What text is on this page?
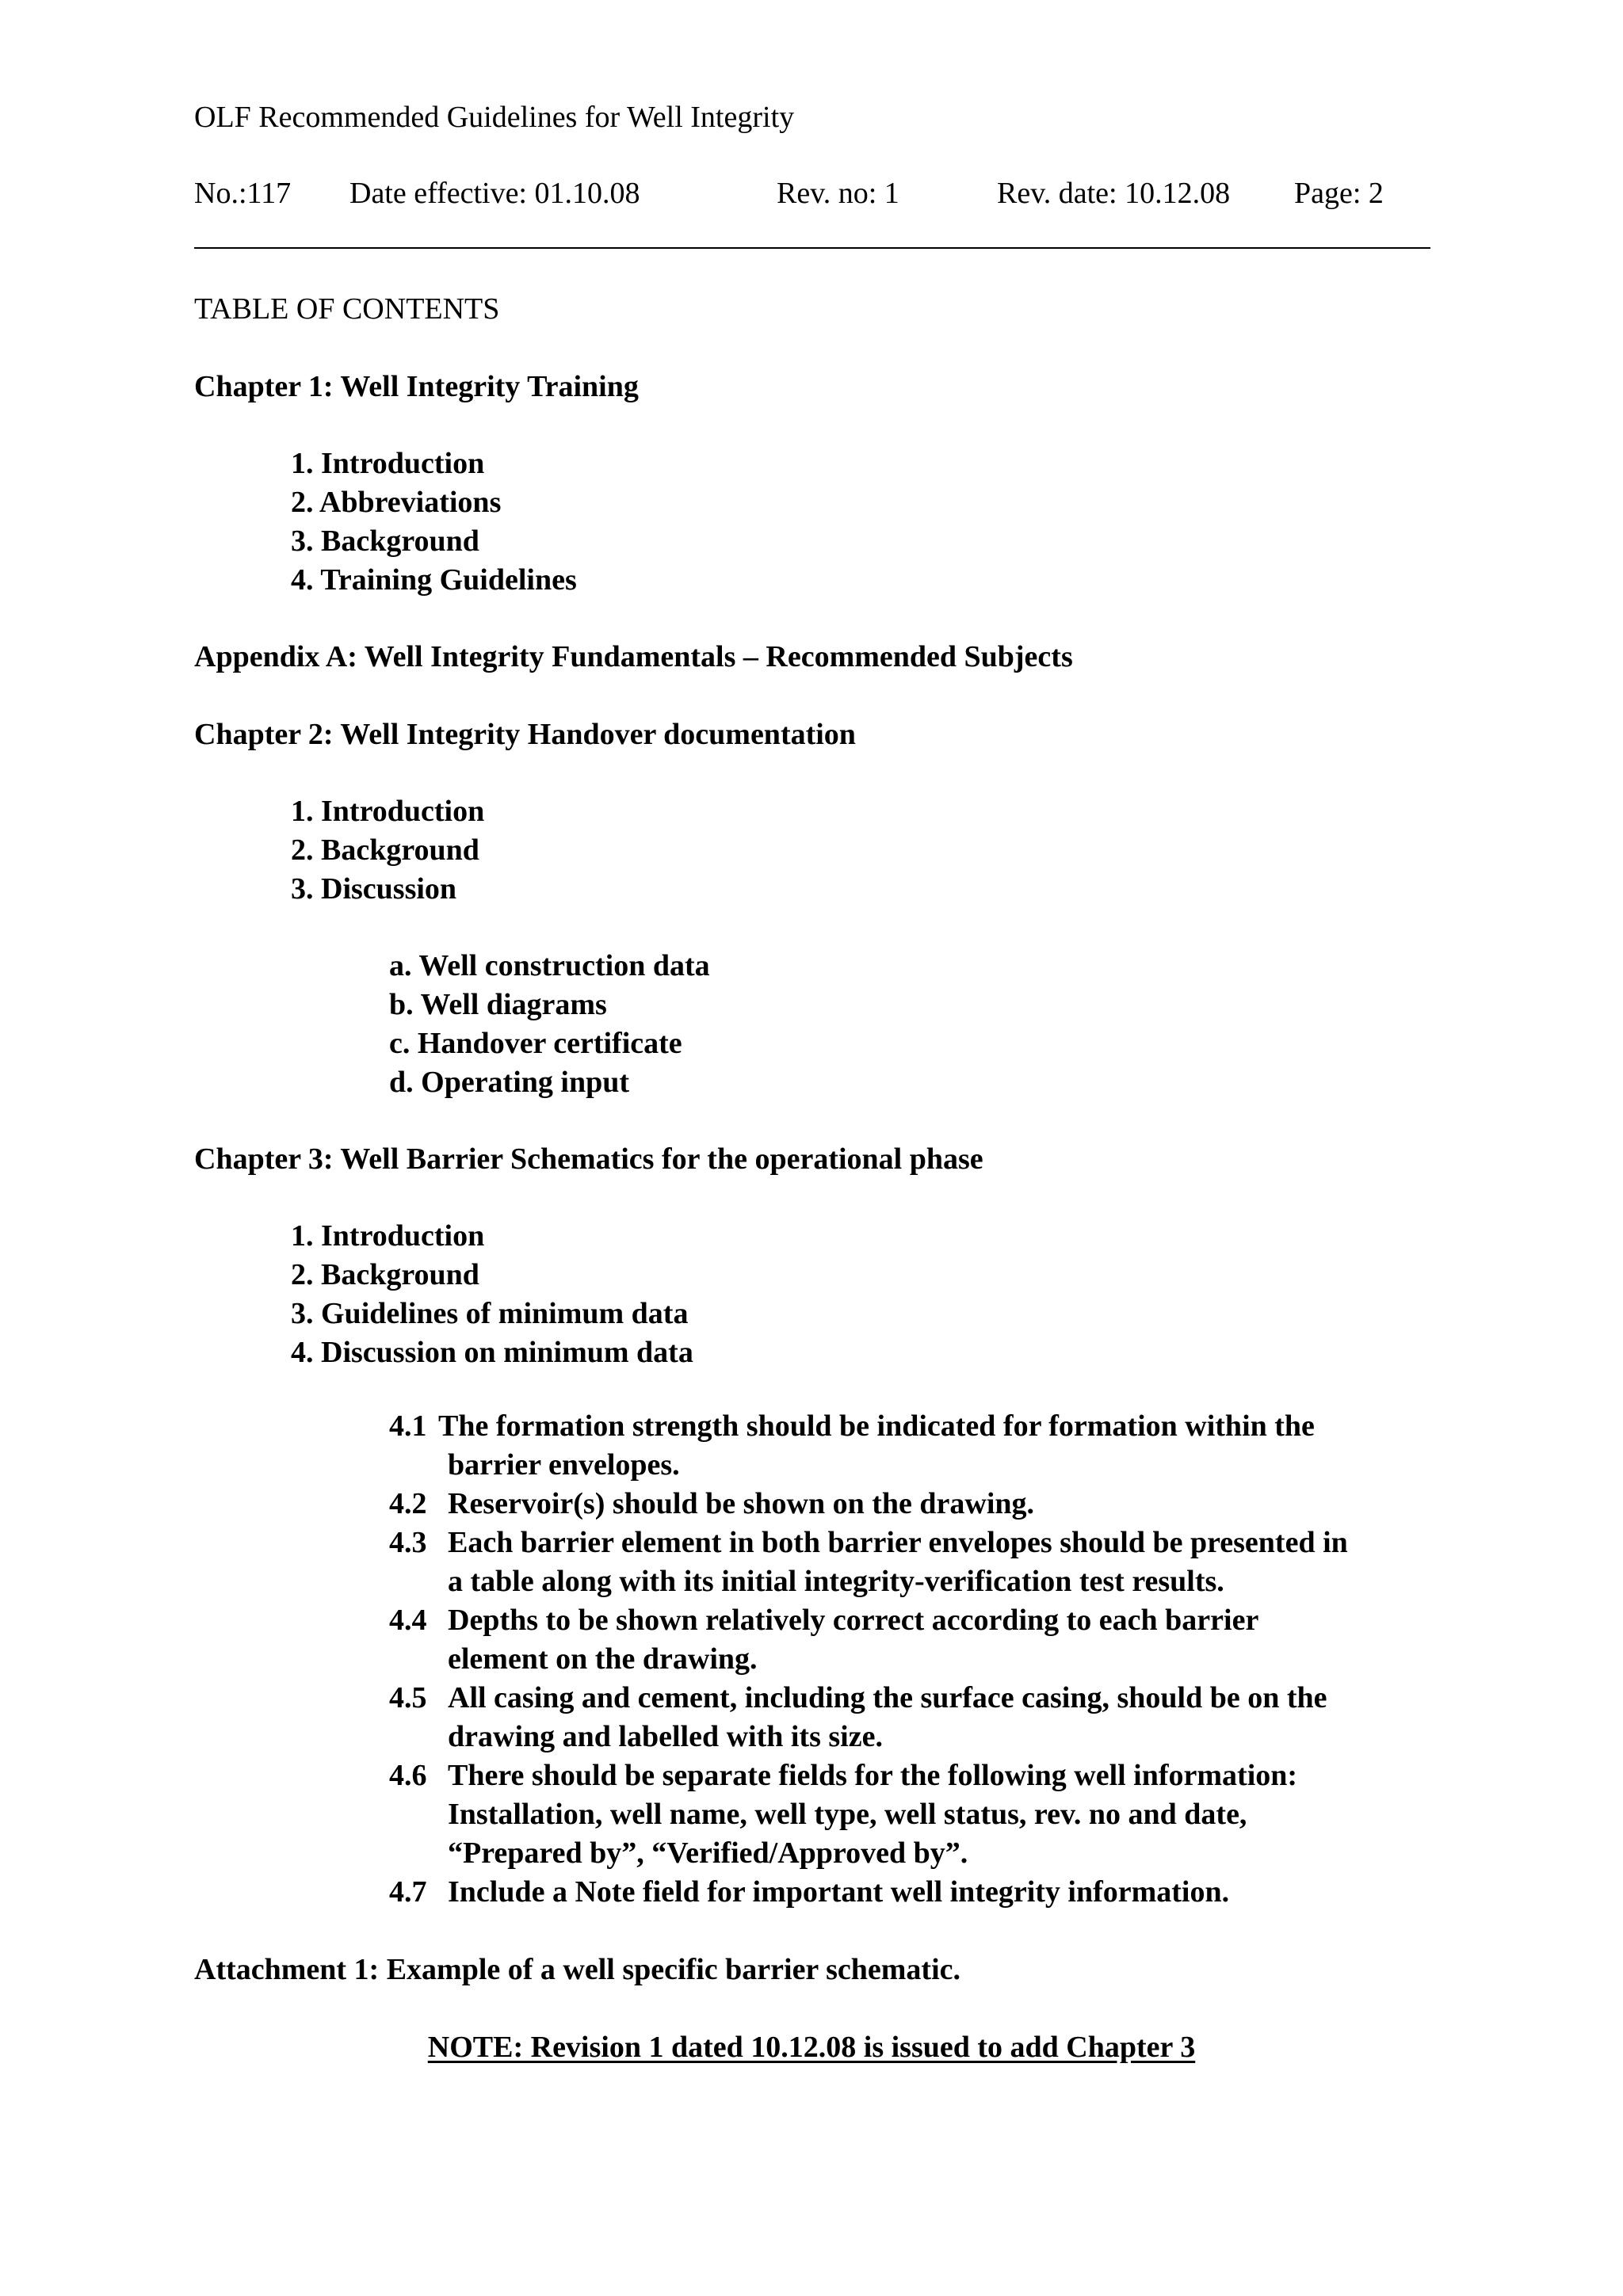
OLF Recommended Guidelines for Well Integrity
No.:117 Date effective: 01.10.08	Rev. no: 1	Rev. date: 10.12.08 Page: 2
TABLE OF CONTENTS
Chapter 1: Well Integrity Training
1. Introduction
2. Abbreviations
3. Background
4. Training Guidelines
Appendix A: Well Integrity Fundamentals – Recommended Subjects
Chapter 2: Well Integrity Handover documentation
1. Introduction
2. Background
3. Discussion
a. Well construction data
b. Well diagrams
c. Handover certificate
d. Operating input
Chapter 3: Well Barrier Schematics for the operational phase
1. Introduction
2. Background
3. Guidelines of minimum data
4. Discussion on minimum data
4.1 The formation strength should be indicated for formation within the
barrier envelopes.
4.2 Reservoir(s) should be shown on the drawing.
4.3 Each barrier element in both barrier envelopes should be presented in
a table along with its initial integrity-verification test results.
4.4 Depths to be shown relatively correct according to each barrier
element on the drawing.
4.5 All casing and cement, including the surface casing, should be on the
drawing and labelled with its size.
4.6 There should be separate fields for the following well information:
Installation, well name, well type, well status, rev. no and date,
“Prepared by”, “Verified/Approved by”.
4.7 Include a Note field for important well integrity information.
Attachment 1: Example of a well specific barrier schematic.
NOTE: Revision 1 dated 10.12.08 is issued to add Chapter 3
